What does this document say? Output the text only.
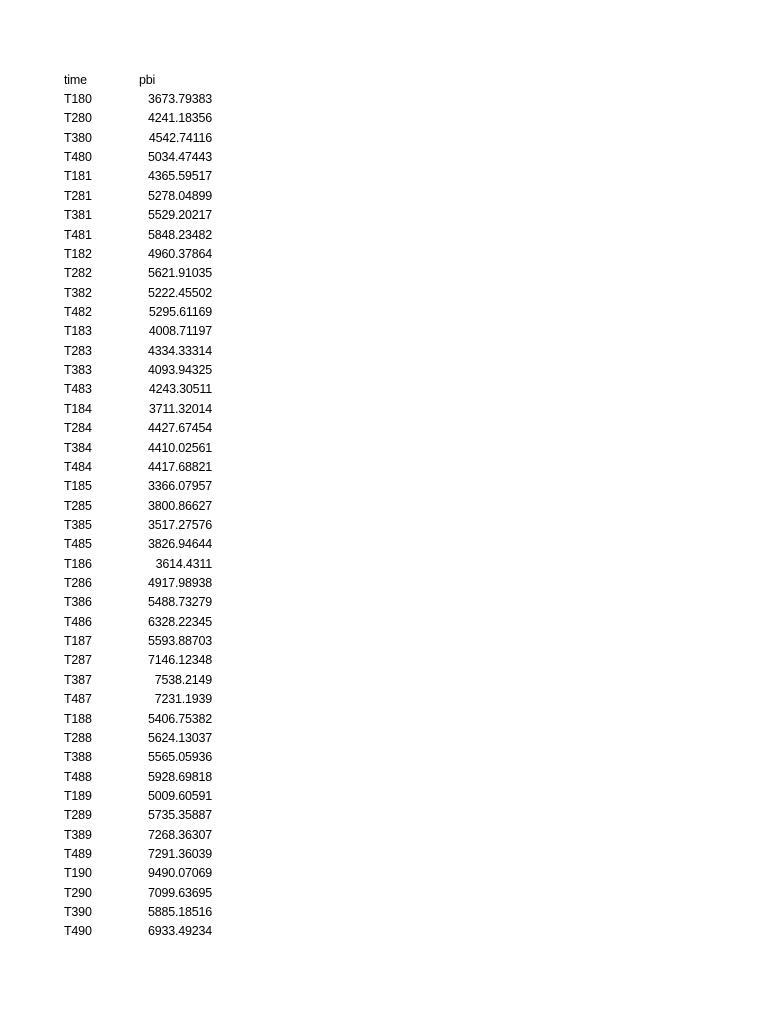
time	pbi
T180	3673.79383
T280	4241.18356
T380	4542.74116
T480	5034.47443
T181	4365.59517
T281	5278.04899
T381	5529.20217
T481	5848.23482
T182	4960.37864
T282	5621.91035
T382	5222.45502
T482	5295.61169
T183	4008.71197
T283	4334.33314
T383	4093.94325
T483	4243.30511
T184	3711.32014
T284	4427.67454
T384	4410.02561
T484	4417.68821
T185	3366.07957
T285	3800.86627
T385	3517.27576
T485	3826.94644
T186	3614.4311
T286	4917.98938
T386	5488.73279
T486	6328.22345
T187	5593.88703
T287	7146.12348
T387	7538.2149
T487	7231.1939
T188	5406.75382
T288	5624.13037
T388	5565.05936
T488	5928.69818
T189	5009.60591
T289	5735.35887
T389	7268.36307
T489	7291.36039
T190	9490.07069
T290	7099.63695
T390	5885.18516
T490	6933.49234
